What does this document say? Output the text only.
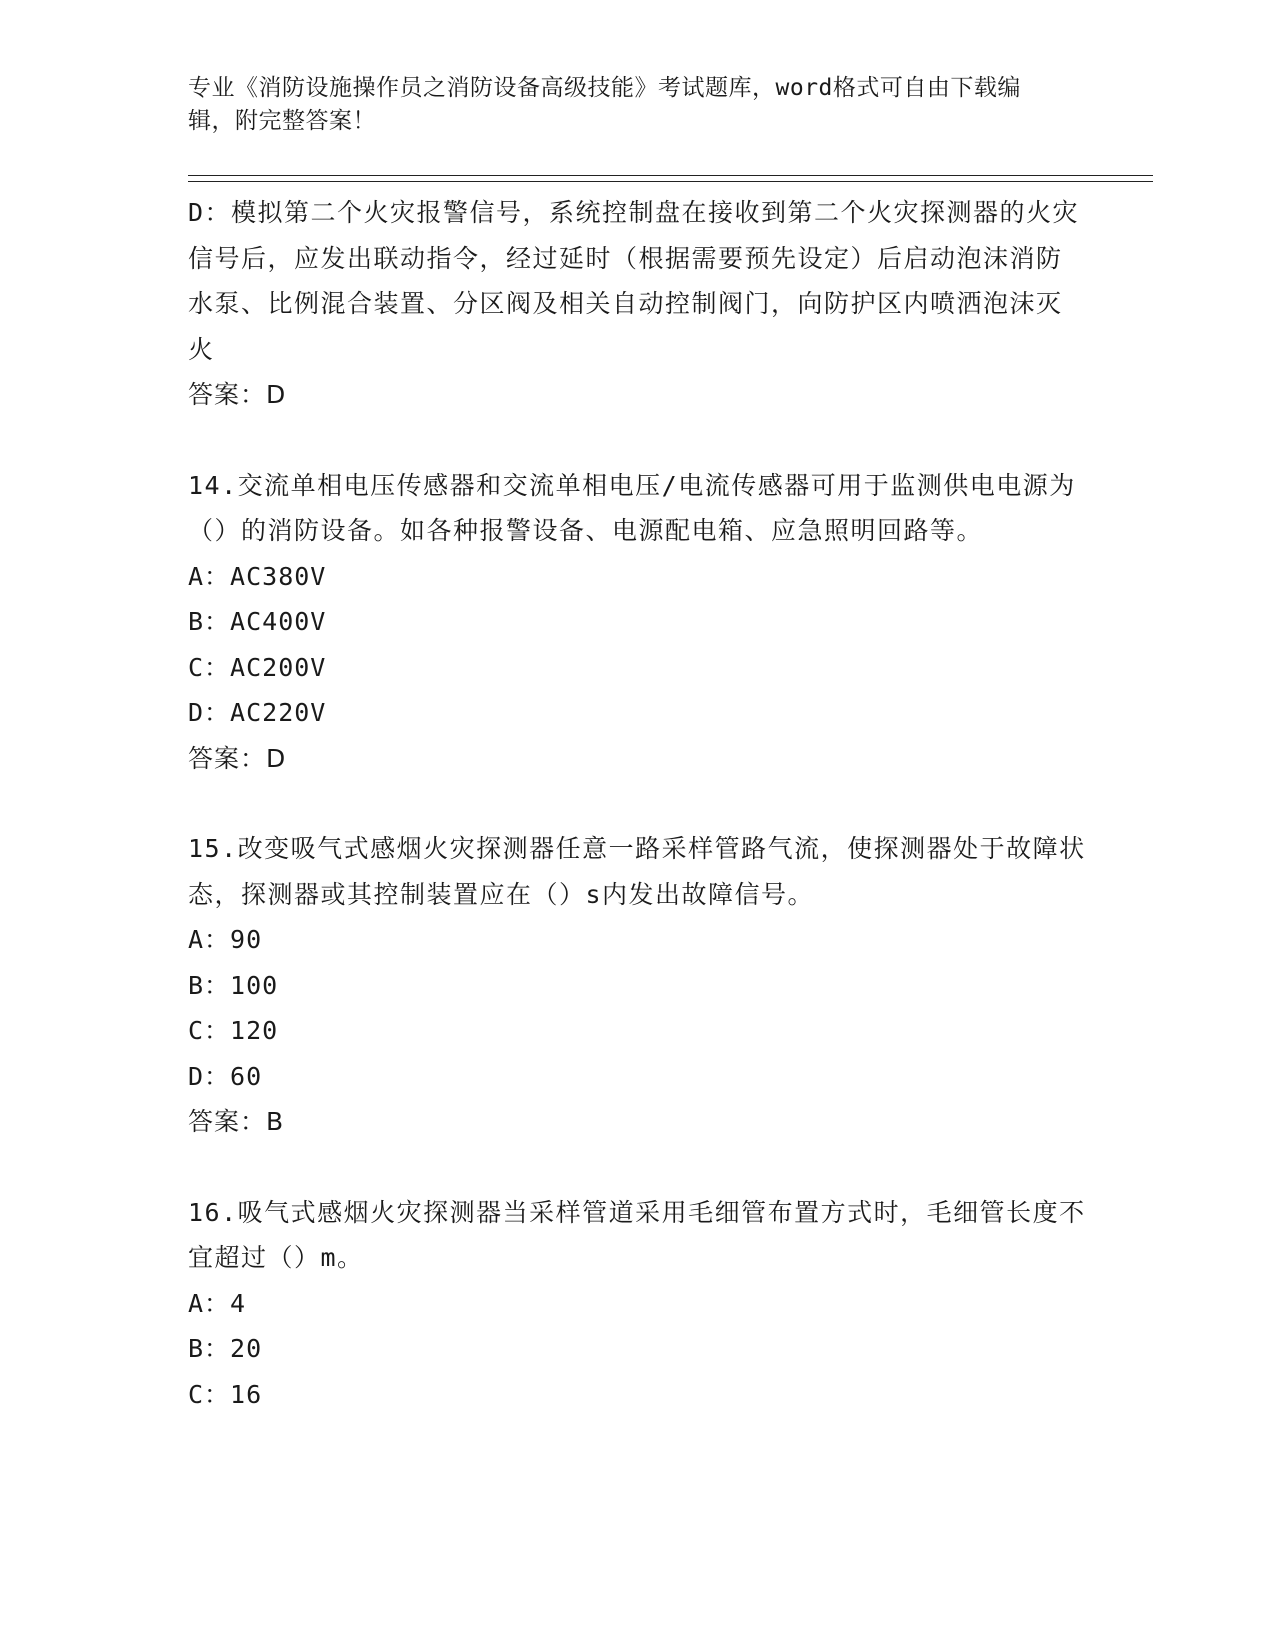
专业《消防设施操作员之消防设备高级技能》考试题库，word格式可自由下载编
辑，附完整答案！

D：模拟第二个火灾报警信号，系统控制盘在接收到第二个火灾探测器的火灾信号后，应发出联动指令，经过延时（根据需要预先设定）后启动泡沫消防水泵、比例混合装置、分区阀及相关自动控制阀门，向防护区内喷洒泡沫灭火

答案：D

14.交流单相电压传感器和交流单相电压/电流传感器可用于监测供电电源为（）的消防设备。如各种报警设备、电源配电箱、应急照明回路等。

A：AC380V

B：AC400V

C：AC200V

D：AC220V

答案：D

15.改变吸气式感烟火灾探测器任意一路采样管路气流，使探测器处于故障状态，探测器或其控制装置应在（）s内发出故障信号。

A：90

B：100

C：120

D：60

答案：B

16.吸气式感烟火灾探测器当采样管道采用毛细管布置方式时，毛细管长度不宜超过（）m。

A：4

B：20

C：16
